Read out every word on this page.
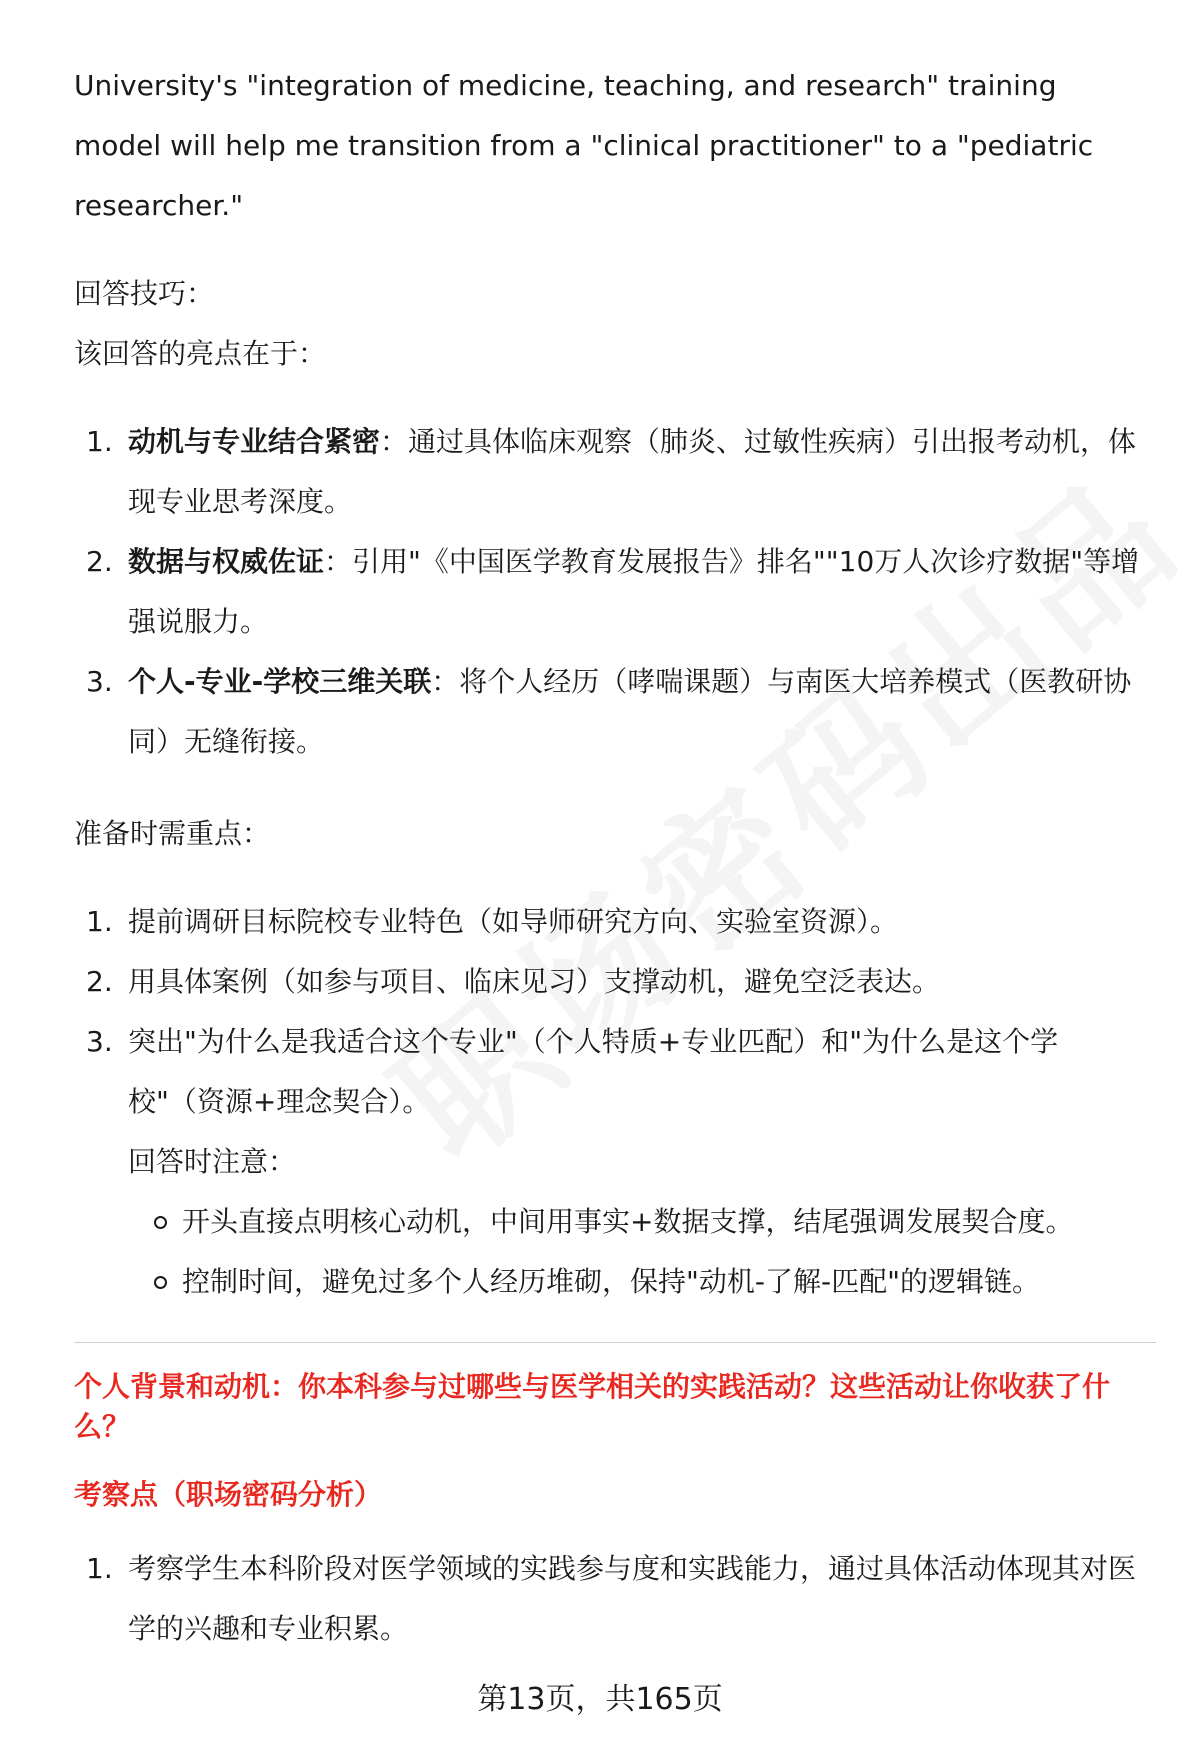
University's "integration of medicine, teaching, and research" training

model will help me transition from a "clinical practitioner" to a "pediatric

researcher."

回答技巧：

该回答的亮点在于：

1. 动机与专业结合紧密：通过具体临床观察（肺炎、过敏性疾病）引出报考动机，体现专业思考深度。
2. 数据与权威佐证：引用"《中国医学教育发展报告》排名""10万人次诊疗数据"等增强说服力。
3. 个人-专业-学校三维关联：将个人经历（哮喘课题）与南医大培养模式（医教研协同）无缝衔接。

准备时需重点：

1. 提前调研目标院校专业特色（如导师研究方向、实验室资源）。
2. 用具体案例（如参与项目、临床见习）支撑动机，避免空泛表达。
3. 突出"为什么是我适合这个专业"（个人特质+专业匹配）和"为什么是这个学校"（资源+理念契合）。

回答时注意：

开头直接点明核心动机，中间用事实+数据支撑，结尾强调发展契合度。
控制时间，避免过多个人经历堆砌，保持"动机-了解-匹配"的逻辑链。

个人背景和动机：你本科参与过哪些与医学相关的实践活动？这些活动让你收获了什么？

考察点（职场密码分析）

1. 考察学生本科阶段对医学领域的实践参与度和实践能力，通过具体活动体现其对医学的兴趣和专业积累。
第13页，共165页
